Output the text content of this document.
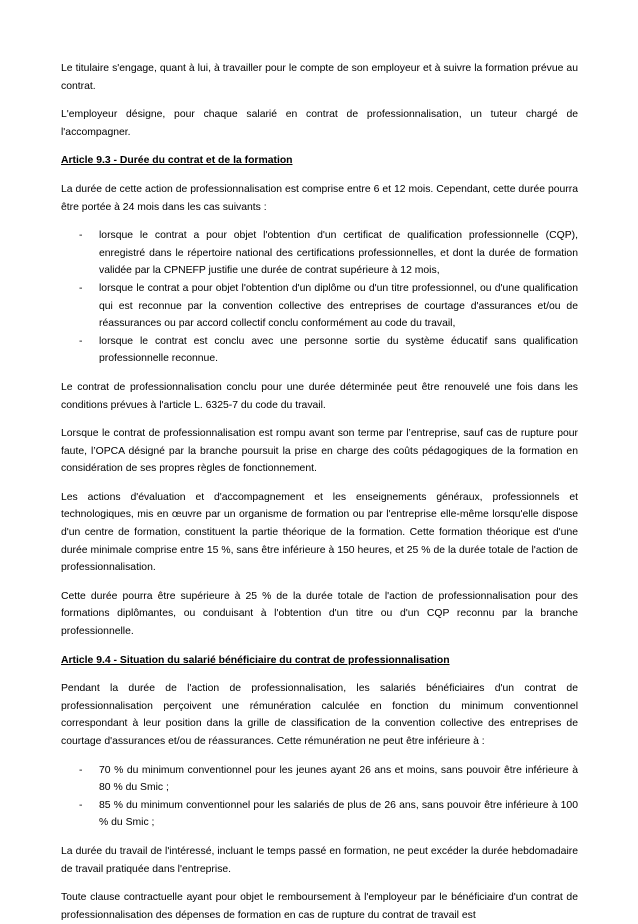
Le titulaire s'engage, quant à lui, à travailler pour le compte de son employeur et à suivre la formation prévue au contrat.

L'employeur désigne, pour chaque salarié en contrat de professionnalisation, un tuteur chargé de l'accompagner.

Article 9.3 - Durée du contrat et de la formation

La durée de cette action de professionnalisation est comprise entre 6 et 12 mois. Cependant, cette durée pourra être portée à 24 mois dans les cas suivants :

- lorsque le contrat a pour objet l'obtention d'un certificat de qualification professionnelle (CQP), enregistré dans le répertoire national des certifications professionnelles, et dont la durée de formation validée par la CPNEFP justifie une durée de contrat supérieure à 12 mois,
- lorsque le contrat a pour objet l'obtention d'un diplôme ou d'un titre professionnel, ou d'une qualification qui est reconnue par la convention collective des entreprises de courtage d'assurances et/ou de réassurances ou par accord collectif conclu conformément au code du travail,
- lorsque le contrat est conclu avec une personne sortie du système éducatif sans qualification professionnelle reconnue.

Le contrat de professionnalisation conclu pour une durée déterminée peut être renouvelé une fois dans les conditions prévues à l'article L. 6325-7 du code du travail.

Lorsque le contrat de professionnalisation est rompu avant son terme par l’entreprise, sauf cas de rupture pour faute, l’OPCA désigné par la branche poursuit la prise en charge des coûts pédagogiques de la formation en considération de ses propres règles de fonctionnement.

Les actions d'évaluation et d'accompagnement et les enseignements généraux, professionnels et technologiques, mis en œuvre par un organisme de formation ou par l'entreprise elle-même lorsqu'elle dispose d'un centre de formation, constituent la partie théorique de la formation. Cette formation théorique est d'une durée minimale comprise entre 15 %, sans être inférieure à 150 heures, et 25 % de la durée totale de l'action de professionnalisation.

Cette durée pourra être supérieure à 25 % de la durée totale de l'action de professionnalisation pour des formations diplômantes, ou conduisant à l'obtention d'un titre ou d'un CQP reconnu par la branche professionnelle.

Article 9.4 - Situation du salarié bénéficiaire du contrat de professionnalisation

Pendant la durée de l'action de professionnalisation, les salariés bénéficiaires d'un contrat de professionnalisation perçoivent une rémunération calculée en fonction du minimum conventionnel correspondant à leur position dans la grille de classification de la convention collective des entreprises de courtage d'assurances et/ou de réassurances. Cette rémunération ne peut être inférieure à :

- 70 % du minimum conventionnel pour les jeunes ayant 26 ans et moins, sans pouvoir être inférieure à 80 % du Smic ;
- 85 % du minimum conventionnel pour les salariés de plus de 26 ans, sans pouvoir être inférieure à 100 % du Smic ;

La durée du travail de l'intéressé, incluant le temps passé en formation, ne peut excéder la durée hebdomadaire de travail pratiquée dans l'entreprise.

Toute clause contractuelle ayant pour objet le remboursement à l'employeur par le bénéficiaire d'un contrat de professionnalisation des dépenses de formation en cas de rupture du contrat de travail est
